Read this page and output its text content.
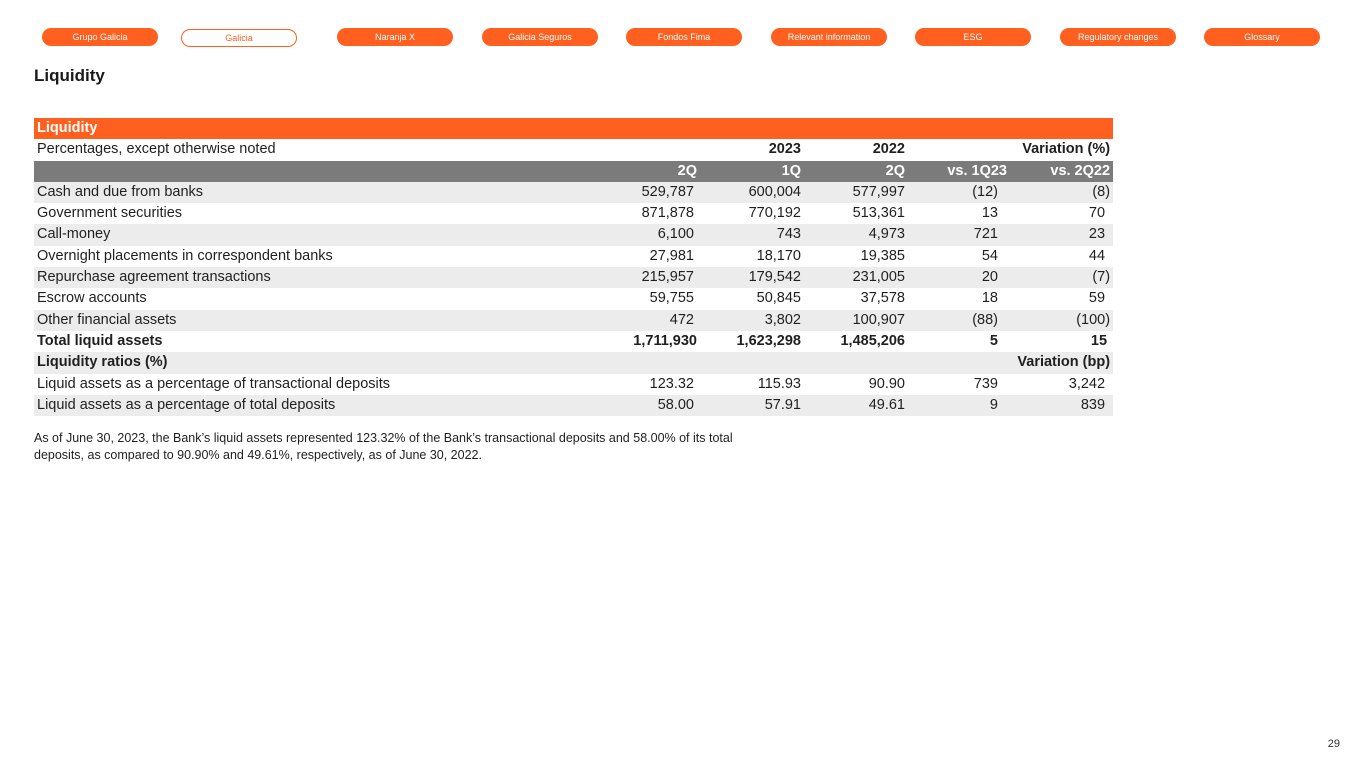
Grupo Galicia	Galicia	Naranja X	Galicia Seguros	Fondos Fima	Relevant information	ESG	Regulatory changes	Glossary
Liquidity
Liquidity					
Percentages, except otherwise noted		2023	2022	Variation (%)	
	2Q	1Q	2Q	vs. 1Q23	vs. 2Q22
Cash and due from banks	529,787	600,004	577,997	(12)	(8)
Government securities	871,878	770,192	513,361	13	70
Call-money	6,100	743	4,973	721	23
Overnight placements in correspondent banks	27,981	18,170	19,385	54	44
Repurchase agreement transactions	215,957	179,542	231,005	20	(7)
Escrow accounts	59,755	50,845	37,578	18	59
Other financial assets	472	3,802	100,907	(88)	(100)
Total liquid assets	1,711,930	1,623,298	1,485,206	5	15
Liquidity ratios (%)				Variation (bp)	
Liquid assets as a percentage of transactional deposits	123.32	115.93	90.90	739	3,242
Liquid assets as a percentage of total deposits	58.00	57.91	49.61	9	839

As of June 30, 2023, the Bank’s liquid assets represented 123.32% of the Bank’s transactional deposits and 58.00% of its total deposits, as compared to 90.90% and 49.61%, respectively, as of June 30, 2022.

29
